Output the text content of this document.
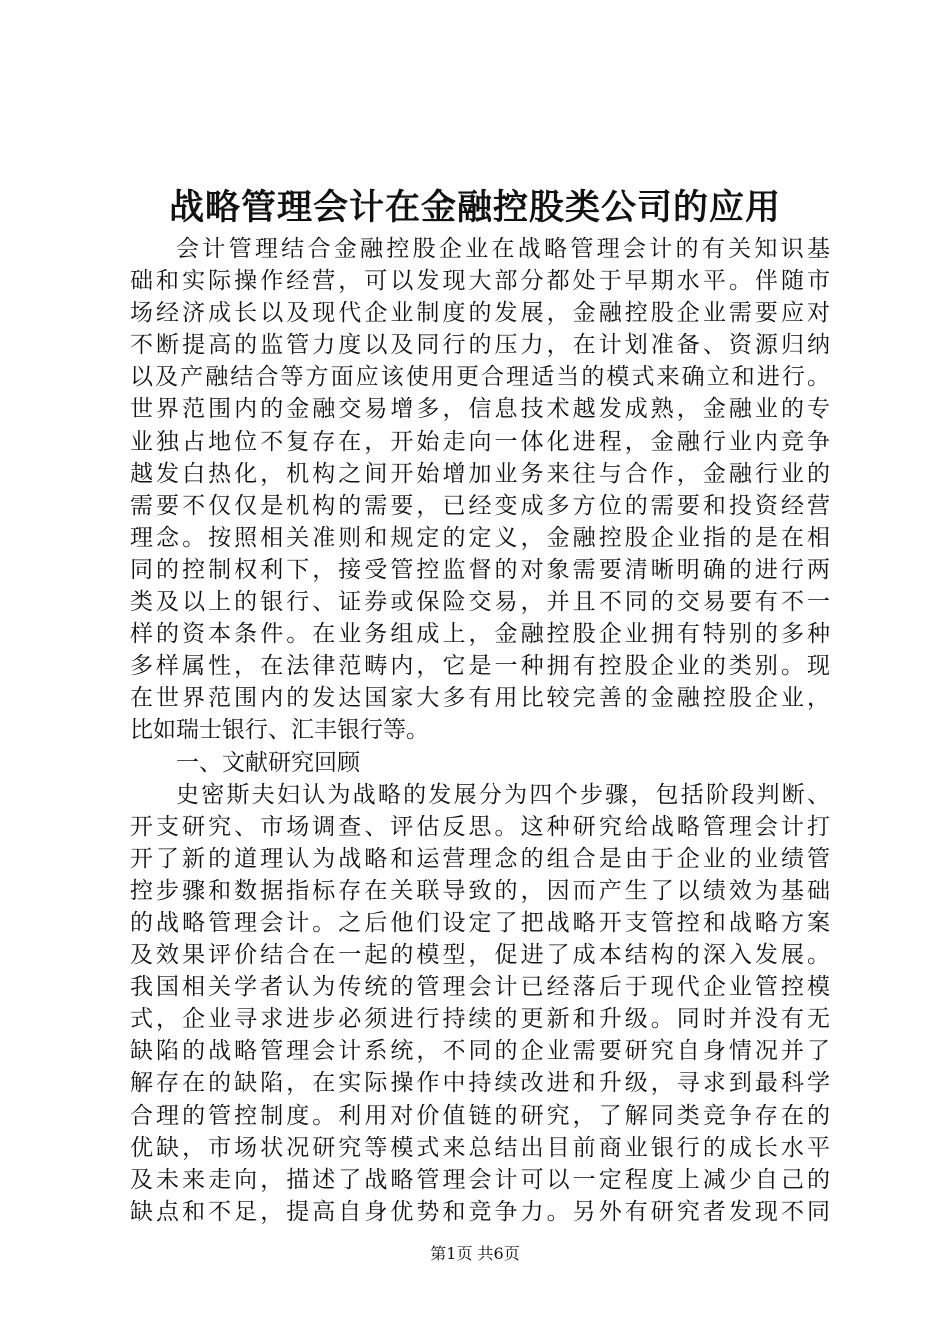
战略管理会计在金融控股类公司的应用
会计管理结合金融控股企业在战略管理会计的有关知识基
础和实际操作经营，可以发现大部分都处于早期水平。伴随市
场经济成长以及现代企业制度的发展，金融控股企业需要应对
不断提高的监管力度以及同行的压力，在计划准备、资源归纳
以及产融结合等方面应该使用更合理适当的模式来确立和进行。
世界范围内的金融交易增多，信息技术越发成熟，金融业的专
业独占地位不复存在，开始走向一体化进程，金融行业内竞争
越发白热化，机构之间开始增加业务来往与合作，金融行业的
需要不仅仅是机构的需要，已经变成多方位的需要和投资经营
理念。按照相关准则和规定的定义，金融控股企业指的是在相
同的控制权利下，接受管控监督的对象需要清晰明确的进行两
类及以上的银行、证券或保险交易，并且不同的交易要有不一
样的资本条件。在业务组成上，金融控股企业拥有特别的多种
多样属性，在法律范畴内，它是一种拥有控股企业的类别。现
在世界范围内的发达国家大多有用比较完善的金融控股企业，
比如瑞士银行、汇丰银行等。
一、文献研究回顾
史密斯夫妇认为战略的发展分为四个步骤，包括阶段判断、
开支研究、市场调查、评估反思。这种研究给战略管理会计打
开了新的道理认为战略和运营理念的组合是由于企业的业绩管
控步骤和数据指标存在关联导致的，因而产生了以绩效为基础
的战略管理会计。之后他们设定了把战略开支管控和战略方案
及效果评价结合在一起的模型，促进了成本结构的深入发展。
我国相关学者认为传统的管理会计已经落后于现代企业管控模
式，企业寻求进步必须进行持续的更新和升级。同时并没有无
缺陷的战略管理会计系统，不同的企业需要研究自身情况并了
解存在的缺陷，在实际操作中持续改进和升级，寻求到最科学
合理的管控制度。利用对价值链的研究，了解同类竞争存在的
优缺，市场状况研究等模式来总结出目前商业银行的成长水平
及未来走向，描述了战略管理会计可以一定程度上减少自己的
缺点和不足，提高自身优势和竞争力。另外有研究者发现不同
第1页 共6页
